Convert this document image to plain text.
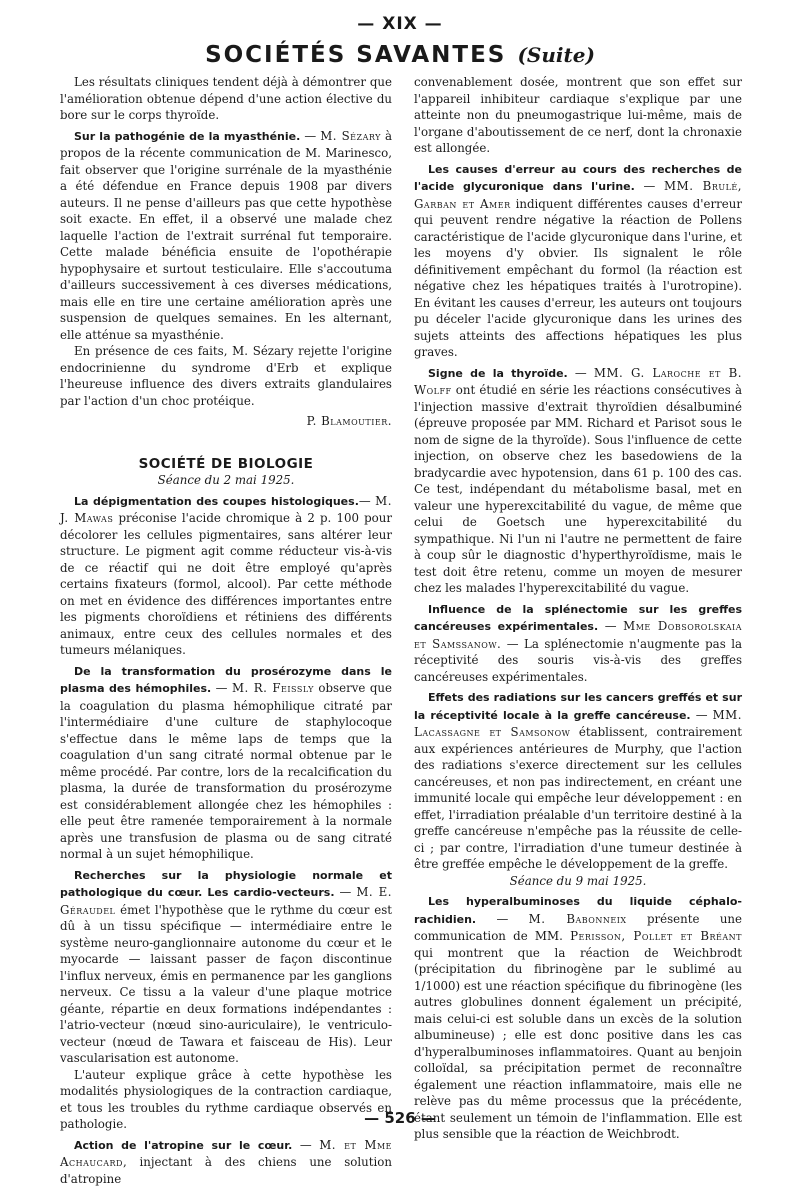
— XIX —
SOCIÉTÉS SAVANTES (Suite)

Les résultats cliniques tendent déjà à démontrer que l'amélioration obtenue dépend d'une action élective du bore sur le corps thyroïde.

Sur la pathogénie de la myasthénie. — M. Sézary à propos de la récente communication de M. Marinesco, fait observer que l'origine surrénale de la myasthénie a été défendue en France depuis 1908 par divers auteurs. Il ne pense d'ailleurs pas que cette hypothèse soit exacte. En effet, il a observé une malade chez laquelle l'action de l'extrait surrénal fut temporaire. Cette malade bénéficia ensuite de l'opothérapie hypophysaire et surtout testiculaire. Elle s'accoutuma d'ailleurs successivement à ces diverses médications, mais elle en tire une certaine amélioration après une suspension de quelques semaines. En les alternant, elle atténue sa myasthénie.

En présence de ces faits, M. Sézary rejette l'origine endocrinienne du syndrome d'Erb et explique l'heureuse influence des divers extraits glandulaires par l'action d'un choc protéique.

P. Blamoutier.

SOCIÉTÉ DE BIOLOGIE

Séance du 2 mai 1925.

La dépigmentation des coupes histologiques.— M. J. Mawas préconise l'acide chromique à 2 p. 100 pour décolorer les cellules pigmentaires, sans altérer leur structure. Le pigment agit comme réducteur vis-à-vis de ce réactif qui ne doit être employé qu'après certains fixateurs (formol, alcool). Par cette méthode on met en évidence des différences importantes entre les pigments choroïdiens et rétiniens des différents animaux, entre ceux des cellules normales et des tumeurs mélaniques.

De la transformation du prosérozyme dans le plasma des hémophiles. — M. R. Feissly observe que la coagulation du plasma hémophilique citraté par l'intermédiaire d'une culture de staphylocoque s'effectue dans le même laps de temps que la coagulation d'un sang citraté normal obtenue par le même procédé. Par contre, lors de la recalcification du plasma, la durée de transformation du prosérozyme est considérablement allongée chez les hémophiles : elle peut être ramenée temporairement à la normale après une transfusion de plasma ou de sang citraté normal à un sujet hémophilique.

Recherches sur la physiologie normale et pathologique du cœur. Les cardio-vecteurs. — M. E. Géraudel émet l'hypothèse que le rythme du cœur est dû à un tissu spécifique — intermédiaire entre le système neuro-ganglionnaire autonome du cœur et le myocarde — laissant passer de façon discontinue l'influx nerveux, émis en permanence par les ganglions nerveux. Ce tissu a la valeur d'une plaque motrice géante, répartie en deux formations indépendantes : l'atrio-vecteur (nœud sino-auriculaire), le ventriculo-vecteur (nœud de Tawara et faisceau de His). Leur vascularisation est autonome.

L'auteur explique grâce à cette hypothèse les modalités physiologiques de la contraction cardiaque, et tous les troubles du rythme cardiaque observés en pathologie.

Action de l'atropine sur le cœur. — M. et Mme Achaucard, injectant à des chiens une solution d'atropine

convenablement dosée, montrent que son effet sur l'appareil inhibiteur cardiaque s'explique par une atteinte non du pneumogastrique lui-même, mais de l'organe d'aboutissement de ce nerf, dont la chronaxie est allongée.

Les causes d'erreur au cours des recherches de l'acide glycuronique dans l'urine. — MM. Brulé, Garban et Amer indiquent différentes causes d'erreur qui peuvent rendre négative la réaction de Pollens caractéristique de l'acide glycuronique dans l'urine, et les moyens d'y obvier. Ils signalent le rôle définitivement empêchant du formol (la réaction est négative chez les hépatiques traités à l'urotropine). En évitant les causes d'erreur, les auteurs ont toujours pu déceler l'acide glycuronique dans les urines des sujets atteints des affections hépatiques les plus graves.

Signe de la thyroïde. — MM. G. Laroche et B. Wolff ont étudié en série les réactions consécutives à l'injection massive d'extrait thyroïdien désalbuminé (épreuve proposée par MM. Richard et Parisot sous le nom de signe de la thyroïde). Sous l'influence de cette injection, on observe chez les basedowiens de la bradycardie avec hypotension, dans 61 p. 100 des cas. Ce test, indépendant du métabolisme basal, met en valeur une hyperexcitabilité du vague, de même que celui de Goetsch une hyperexcitabilité du sympathique. Ni l'un ni l'autre ne permettent de faire à coup sûr le diagnostic d'hyperthyroïdisme, mais le test doit être retenu, comme un moyen de mesurer chez les malades l'hyperexcitabilité du vague.

Influence de la splénectomie sur les greffes cancéreuses expérimentales. — Mme Dobsorolskaia et Samssanow. — La splénectomie n'augmente pas la réceptivité des souris vis-à-vis des greffes cancéreuses expérimentales.

Effets des radiations sur les cancers greffés et sur la réceptivité locale à la greffe cancéreuse. — MM. Lacassagne et Samsonow établissent, contrairement aux expériences antérieures de Murphy, que l'action des radiations s'exerce directement sur les cellules cancéreuses, et non pas indirectement, en créant une immunité locale qui empêche leur développement : en effet, l'irradiation préalable d'un territoire destiné à la greffe cancéreuse n'empêche pas la réussite de celle-ci ; par contre, l'irradiation d'une tumeur destinée à être greffée empêche le développement de la greffe.

Séance du 9 mai 1925.

Les hyperalbuminoses du liquide céphalo-rachidien. — M. Babonneix présente une communication de MM. Perisson, Pollet et Bréant qui montrent que la réaction de Weichbrodt (précipitation du fibrinogène par le sublimé au 1/1000) est une réaction spécifique du fibrinogène (les autres globulines donnent également un précipité, mais celui-ci est soluble dans un excès de la solution albumineuse) ; elle est donc positive dans les cas d'hyperalbuminoses inflammatoires. Quant au benjoin colloïdal, sa précipitation permet de reconnaître également une réaction inflammatoire, mais elle ne relève pas du même processus que la précédente, étant seulement un témoin de l'inflammation. Elle est plus sensible que la réaction de Weichbrodt.

— 526 —
